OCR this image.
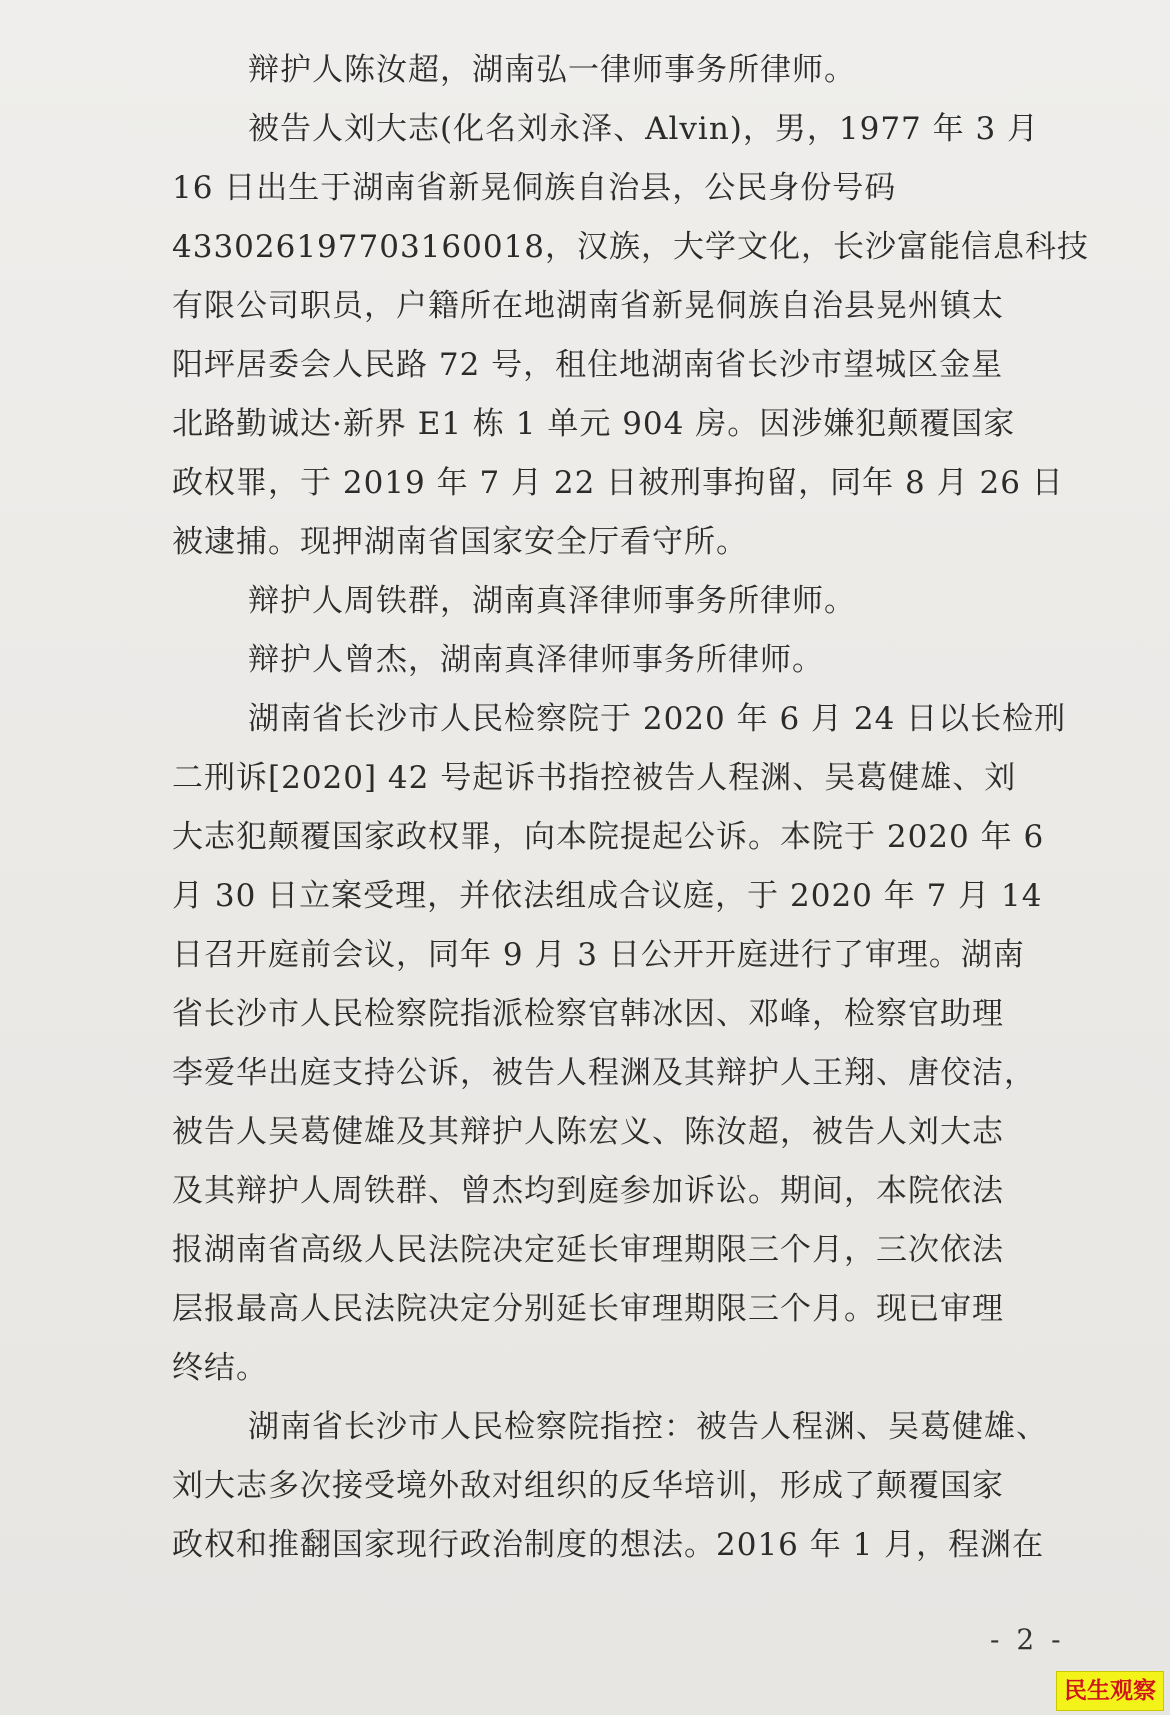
辩护人陈汝超，湖南弘一律师事务所律师。
被告人刘大志(化名刘永泽、Alvin)，男，1977 年 3 月
16 日出生于湖南省新晃侗族自治县，公民身份号码
433026197703160018，汉族，大学文化，长沙富能信息科技
有限公司职员，户籍所在地湖南省新晃侗族自治县晃州镇太
阳坪居委会人民路 72 号，租住地湖南省长沙市望城区金星
北路勤诚达·新界 E1 栋 1 单元 904 房。因涉嫌犯颠覆国家
政权罪，于 2019 年 7 月 22 日被刑事拘留，同年 8 月 26 日
被逮捕。现押湖南省国家安全厅看守所。
辩护人周铁群，湖南真泽律师事务所律师。
辩护人曾杰，湖南真泽律师事务所律师。
湖南省长沙市人民检察院于 2020 年 6 月 24 日以长检刑
二刑诉[2020] 42 号起诉书指控被告人程渊、吴葛健雄、刘
大志犯颠覆国家政权罪，向本院提起公诉。本院于 2020 年 6
月 30 日立案受理，并依法组成合议庭，于 2020 年 7 月 14
日召开庭前会议，同年 9 月 3 日公开开庭进行了审理。湖南
省长沙市人民检察院指派检察官韩冰因、邓峰，检察官助理
李爱华出庭支持公诉，被告人程渊及其辩护人王翔、唐佼洁，
被告人吴葛健雄及其辩护人陈宏义、陈汝超，被告人刘大志
及其辩护人周铁群、曾杰均到庭参加诉讼。期间，本院依法
报湖南省高级人民法院决定延长审理期限三个月，三次依法
层报最高人民法院决定分别延长审理期限三个月。现已审理
终结。
湖南省长沙市人民检察院指控：被告人程渊、吴葛健雄、
刘大志多次接受境外敌对组织的反华培训，形成了颠覆国家
政权和推翻国家现行政治制度的想法。2016 年 1 月，程渊在
- 2 -
民生观察
